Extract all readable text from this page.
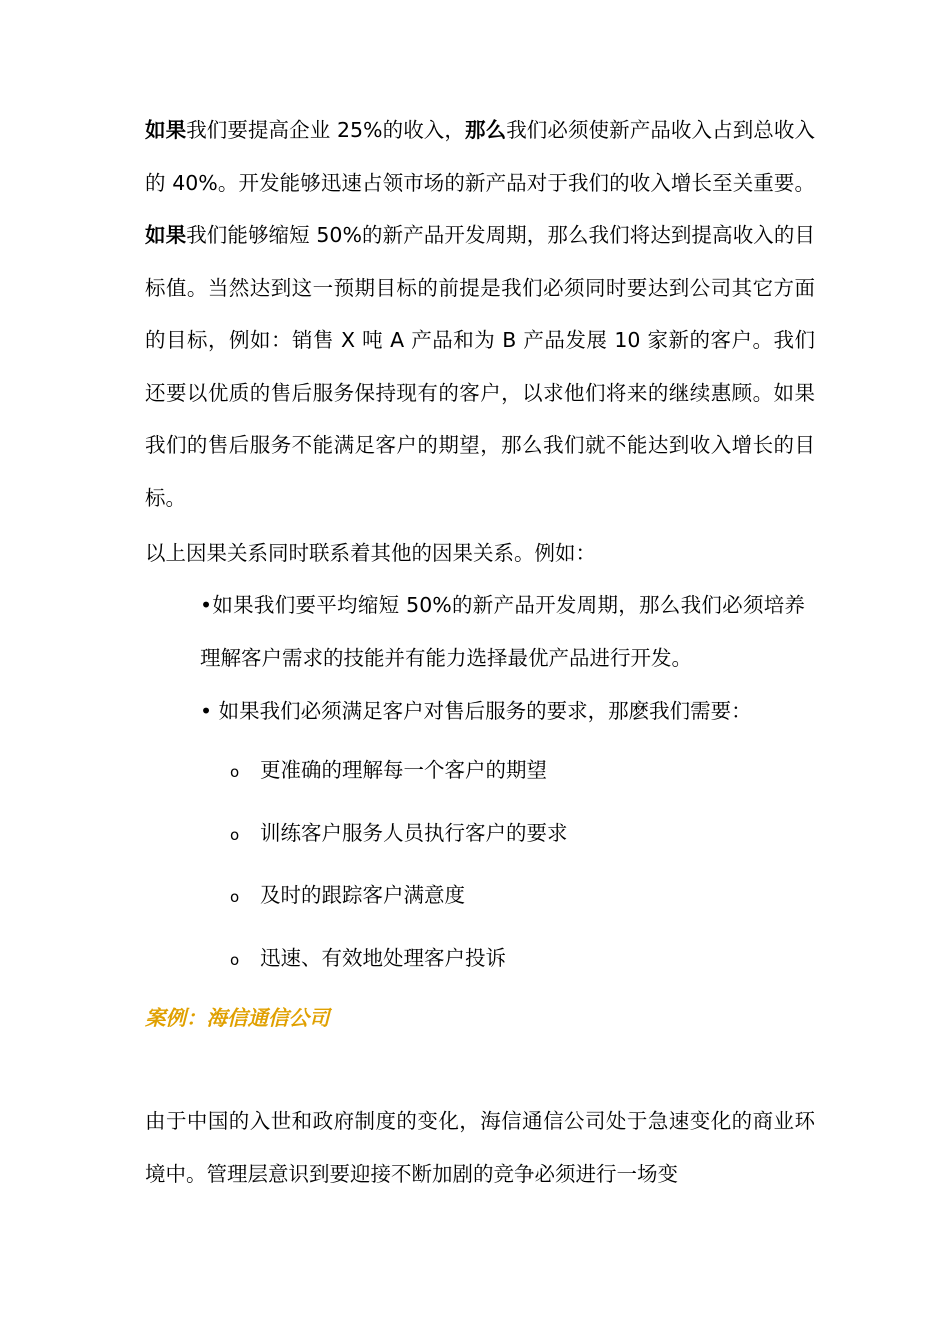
如果我们要提高企业 25%的收入，那么我们必须使新产品收入占到总收入的 40%。开发能够迅速占领市场的新产品对于我们的收入增长至关重要。如果我们能够缩短 50%的新产品开发周期，那么我们将达到提高收入的目标值。当然达到这一预期目标的前提是我们必须同时要达到公司其它方面的目标，例如：销售 X 吨 A 产品和为 B 产品发展 10 家新的客户。我们还要以优质的售后服务保持现有的客户，以求他们将来的继续惠顾。如果我们的售后服务不能满足客户的期望，那么我们就不能达到收入增长的目标。

以上因果关系同时联系着其他的因果关系。例如：

•如果我们要平均缩短 50%的新产品开发周期，那么我们必须培养理解客户需求的技能并有能力选择最优产品进行开发。

• 如果我们必须满足客户对售后服务的要求，那麽我们需要：

o	更准确的理解每一个客户的期望
o	训练客户服务人员执行客户的要求
o	及时的跟踪客户满意度
o	迅速、有效地处理客户投诉

案例：海信通信公司

由于中国的入世和政府制度的变化，海信通信公司处于急速变化的商业环境中。管理层意识到要迎接不断加剧的竞争必须进行一场变
